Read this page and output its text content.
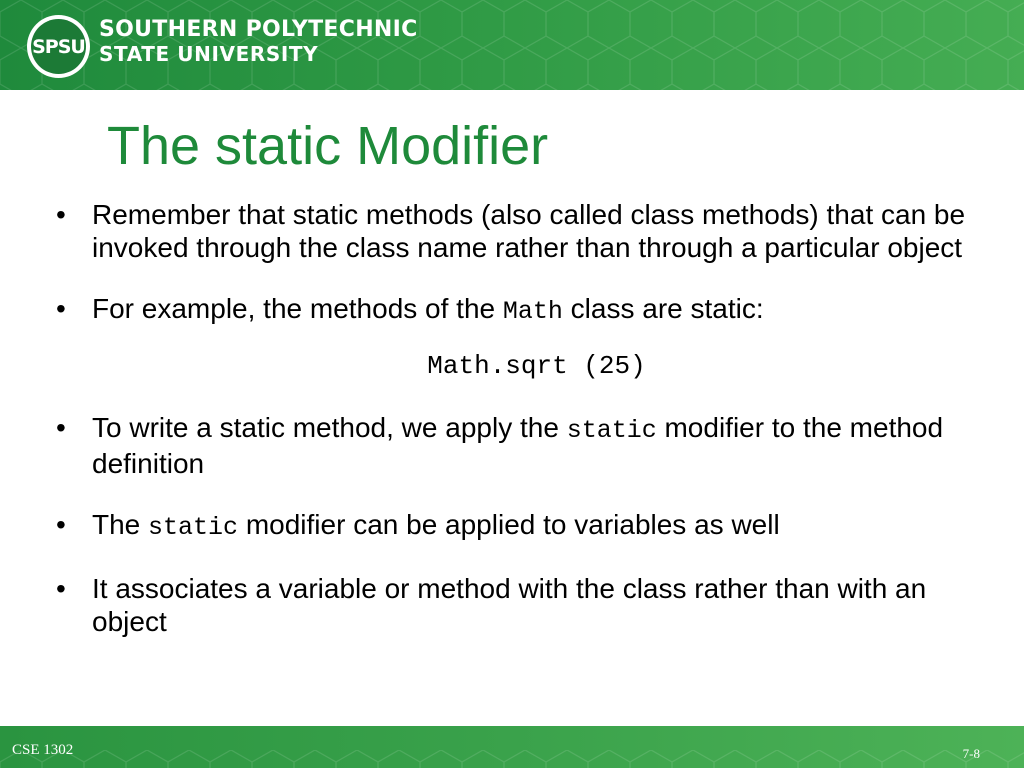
SPSU
SOUTHERN POLYTECHNIC
STATE UNIVERSITY
The static Modifier
• Remember that static methods (also called class methods) that can be invoked through the class name rather than through a particular object
• For example, the methods of the Math class are static:
Math.sqrt (25)
• To write a static method, we apply the static modifier to the method definition
• The static modifier can be applied to variables as well
• It associates a variable or method with the class rather than with an object
CSE 1302	7-8
